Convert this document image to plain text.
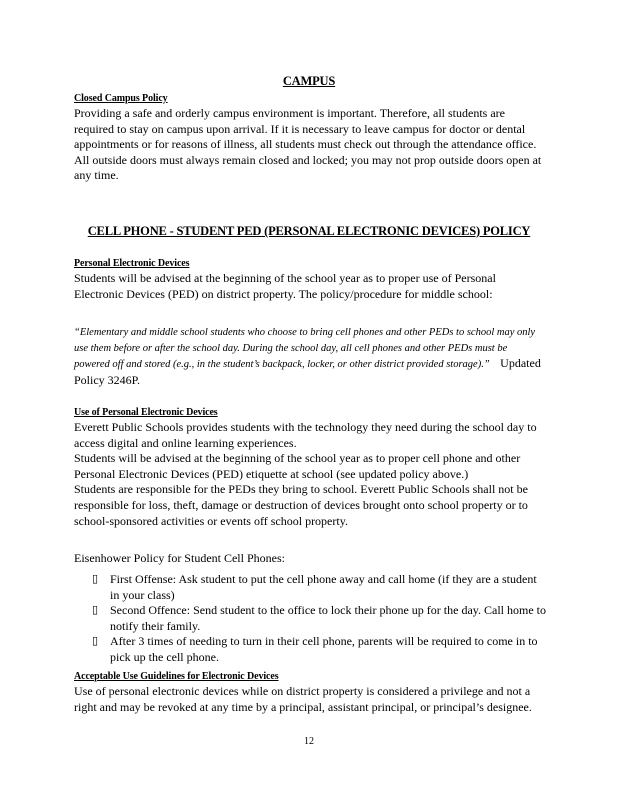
CAMPUS
Closed Campus Policy

Providing a safe and orderly campus environment is important. Therefore, all students are required to stay on campus upon arrival. If it is necessary to leave campus for doctor or dental appointments or for reasons of illness, all students must check out through the attendance office. All outside doors must always remain closed and locked; you may not prop outside doors open at any time.

CELL PHONE - STUDENT PED (PERSONAL ELECTRONIC DEVICES) POLICY
Personal Electronic Devices

Students will be advised at the beginning of the school year as to proper use of Personal Electronic Devices (PED) on district property. The policy/procedure for middle school:

“Elementary and middle school students who choose to bring cell phones and other PEDs to school may only use them before or after the school day. During the school day, all cell phones and other PEDs must be powered off and stored (e.g., in the student’s backpack, locker, or other district provided storage).” Updated Policy 3246P.

Use of Personal Electronic Devices

Everett Public Schools provides students with the technology they need during the school day to access digital and online learning experiences.

Students will be advised at the beginning of the school year as to proper cell phone and other Personal Electronic Devices (PED) etiquette at school (see updated policy above.)

Students are responsible for the PEDs they bring to school. Everett Public Schools shall not be responsible for loss, theft, damage or destruction of devices brought onto school property or to school-sponsored activities or events off school property.

Eisenhower Policy for Student Cell Phones:

▯ First Offense: Ask student to put the cell phone away and call home (if they are a student in your class)
▯ Second Offence: Send student to the office to lock their phone up for the day. Call home to notify their family.
▯ After 3 times of needing to turn in their cell phone, parents will be required to come in to pick up the cell phone.
Acceptable Use Guidelines for Electronic Devices

Use of personal electronic devices while on district property is considered a privilege and not a right and may be revoked at any time by a principal, assistant principal, or principal’s designee.

12
